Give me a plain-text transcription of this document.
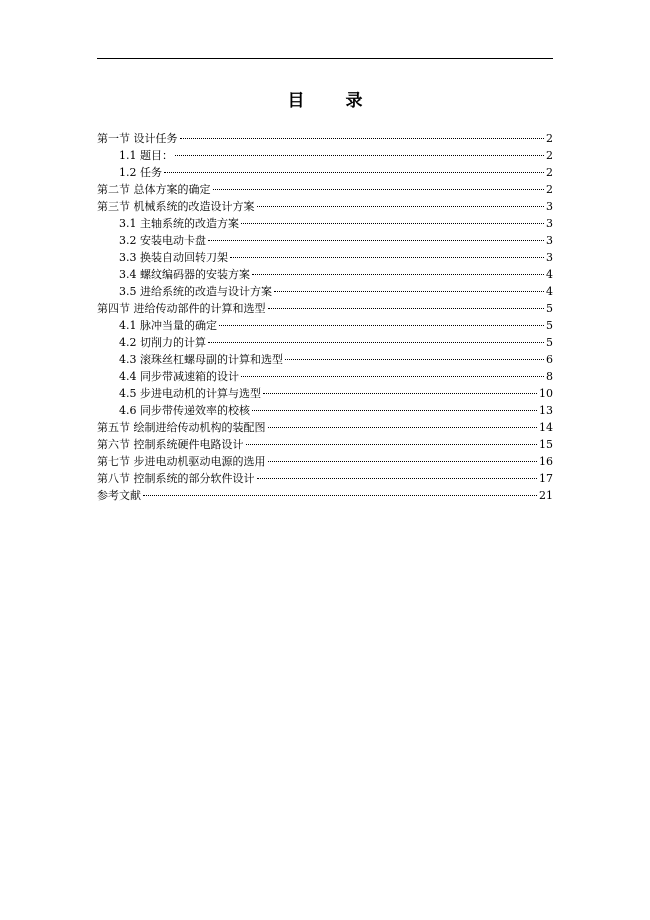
目　录
第一节 设计任务	2
1.1 题目：	2
1.2 任务	2
第二节 总体方案的确定	2
第三节 机械系统的改造设计方案	3
3.1 主轴系统的改造方案	3
3.2 安装电动卡盘	3
3.3 换装自动回转刀架	3
3.4 螺纹编码器的安装方案	4
3.5 进给系统的改造与设计方案	4
第四节 进给传动部件的计算和选型	5
4.1 脉冲当量的确定	5
4.2 切削力的计算	5
4.3 滚珠丝杠螺母副的计算和选型	6
4.4 同步带减速箱的设计	8
4.5 步进电动机的计算与选型	10
4.6 同步带传递效率的校核	13
第五节 绘制进给传动机构的装配图	14
第六节 控制系统硬件电路设计	15
第七节 步进电动机驱动电源的选用	16
第八节 控制系统的部分软件设计	17
参考文献	21
